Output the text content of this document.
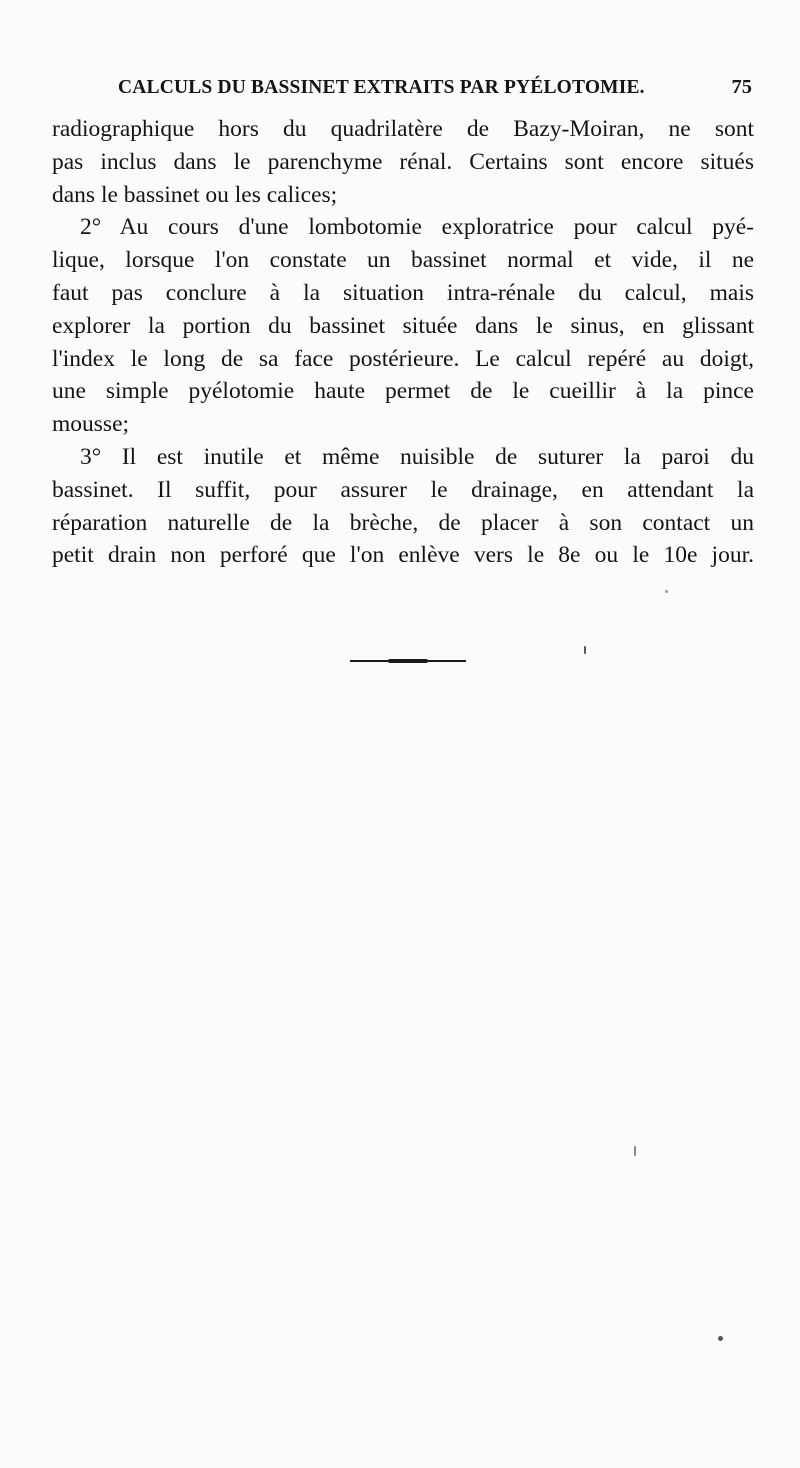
CALCULS DU BASSINET EXTRAITS PAR PYÉLOTOMIE.	75
radiographique hors du quadrilatère de Bazy-Moiran, ne sont
pas inclus dans le parenchyme rénal. Certains sont encore situés
dans le bassinet ou les calices;
2° Au cours d'une lombotomie exploratrice pour calcul pyé-
lique, lorsque l'on constate un bassinet normal et vide, il ne
faut pas conclure à la situation intra-rénale du calcul, mais
explorer la portion du bassinet située dans le sinus, en glissant
l'index le long de sa face postérieure. Le calcul repéré au doigt,
une simple pyélotomie haute permet de le cueillir à la pince
mousse;
3° Il est inutile et même nuisible de suturer la paroi du
bassinet. Il suffit, pour assurer le drainage, en attendant la
réparation naturelle de la brèche, de placer à son contact un
petit drain non perforé que l'on enlève vers le 8e ou le 10e jour.
